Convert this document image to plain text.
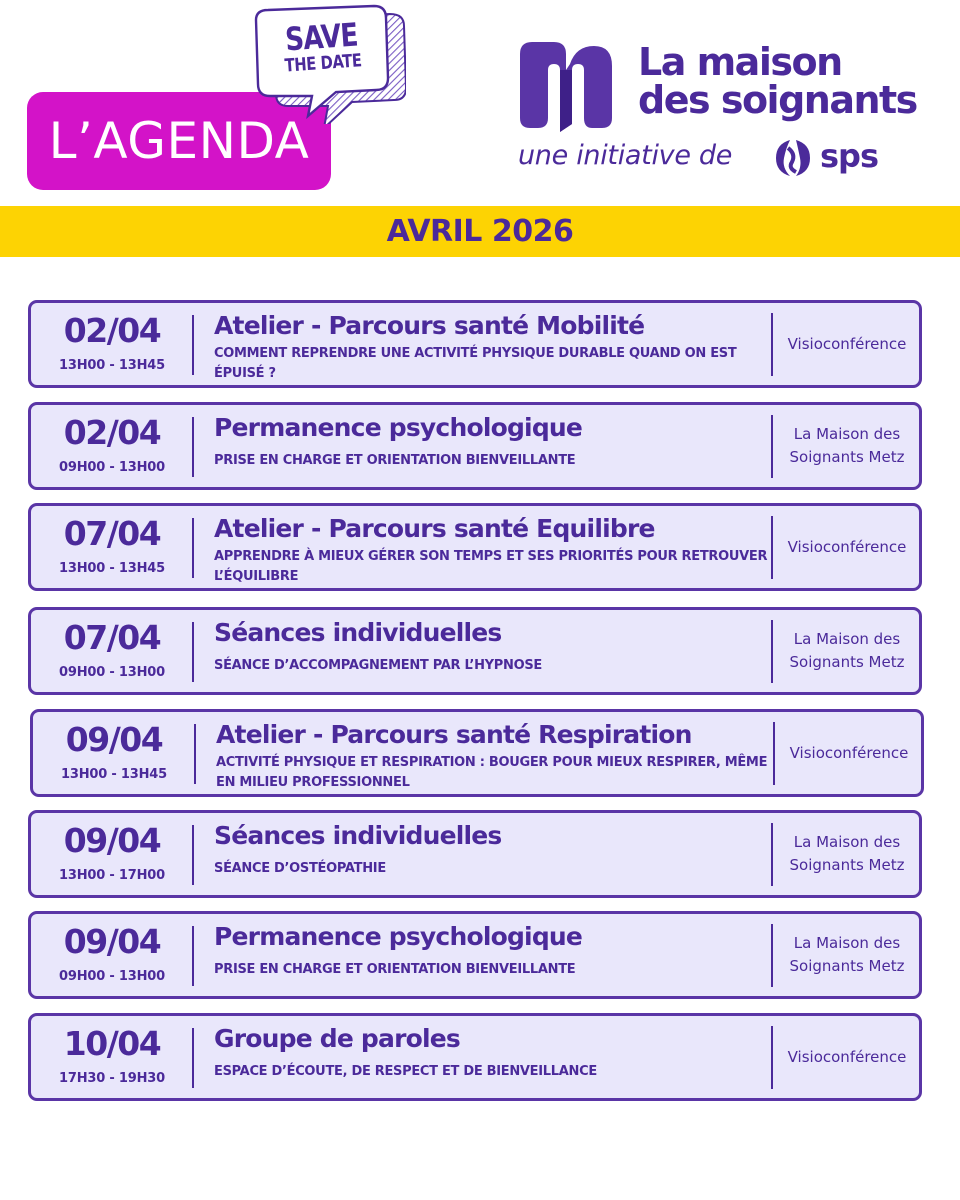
L’AGENDA
SAVE
THE DATE	La maison
des soignants
une initiative de	sps
AVRIL 2026
02/04
13H00 - 13H45
Atelier - Parcours santé Mobilité
COMMENT REPRENDRE UNE ACTIVITÉ PHYSIQUE DURABLE QUAND ON EST ÉPUISÉ ?
Visioconférence
02/04
09H00 - 13H00
Permanence psychologique
PRISE EN CHARGE ET ORIENTATION BIENVEILLANTE
La Maison des Soignants Metz
07/04
13H00 - 13H45
Atelier - Parcours santé Equilibre
APPRENDRE À MIEUX GÉRER SON TEMPS ET SES PRIORITÉS POUR RETROUVER L’ÉQUILIBRE
Visioconférence
07/04
09H00 - 13H00
Séances individuelles
SÉANCE D’ACCOMPAGNEMENT PAR L’HYPNOSE
La Maison des Soignants Metz
09/04
13H00 - 13H45
Atelier - Parcours santé Respiration
ACTIVITÉ PHYSIQUE ET RESPIRATION : BOUGER POUR MIEUX RESPIRER, MÊME EN MILIEU PROFESSIONNEL
Visioconférence
09/04
13H00 - 17H00
Séances individuelles
SÉANCE D’OSTÉOPATHIE
La Maison des Soignants Metz
09/04
09H00 - 13H00
Permanence psychologique
PRISE EN CHARGE ET ORIENTATION BIENVEILLANTE
La Maison des Soignants Metz
10/04
17H30 - 19H30
Groupe de paroles
ESPACE D’ÉCOUTE, DE RESPECT ET DE BIENVEILLANCE
Visioconférence
